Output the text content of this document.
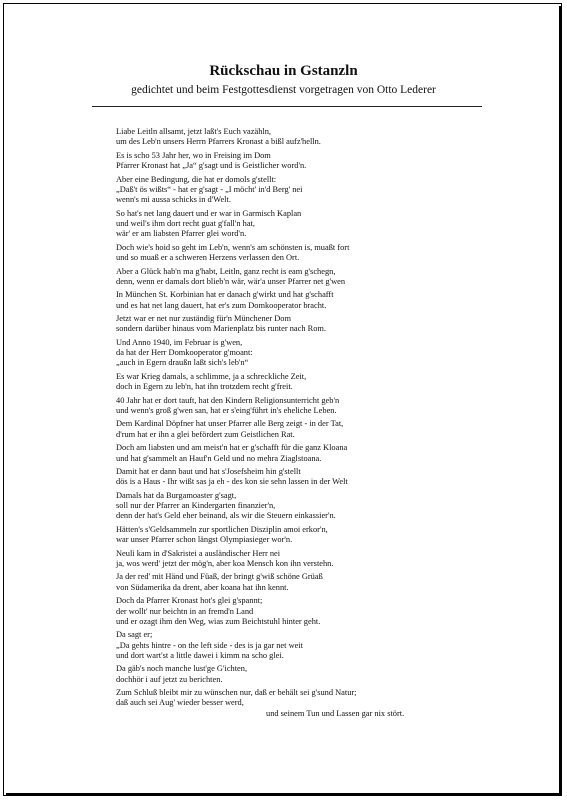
Rückschau in Gstanzln
gedichtet und beim Festgottesdienst vorgetragen von Otto Lederer
Liabe Leitln allsamt, jetzt laßt's Euch vazähln,
um des Leb'n unsers Herrn Pfarrers Kronast a bißl aufz'helln.
Es is scho 53 Jahr her, wo in Freising im Dom
Pfarrer Kronast hat „Ja“ g'sagt und is Geistlicher word'n.
Aber eine Bedingung, die hat er domols g'stellt:
„Daß't ös wißts“ - hat er g'sagt - „I möcht' in'd Berg' nei
wenn's mi aussa schicks in d'Welt.
So hat's net lang dauert und er war in Garmisch Kaplan
und weil's ihm dort recht guat g'fall'n hat,
wär' er am liabsten Pfarrer glei word'n.
Doch wie's hoid so geht im Leb'n, wenn's am schönsten is, muaßt fort
und so muaß er a schweren Herzens verlassen den Ort.
Aber a Glück hab'n ma g'habt, Leitln, ganz recht is eam g'schegn,
denn, wenn er damals dort blieb'n wär, wär'a unser Pfarrer net g'wen
In München St. Korbinian hat er danach g'wirkt und hat g'schafft
und es hat net lang dauert, hat er's zum Domkooperator bracht.
Jetzt war er net nur zuständig für'n Münchener Dom
sondern darüber hinaus vom Marienplatz bis runter nach Rom.
Und Anno 1940, im Februar is g'wen,
da hat der Herr Domkooperator g'moant:
„auch in Egern draußn laßt sich's leb'n“
Es war Krieg damals, a schlimme, ja a schreckliche Zeit,
doch in Egern zu leb'n, hat ihn trotzdem recht g'freit.
40 Jahr hat er dort tauft, hat den Kindern Religionsunterricht geb'n
und wenn's groß g'wen san, hat er s'eing'führt in's eheliche Leben.
Dem Kardinal Döpfner hat unser Pfarrer alle Berg zeigt - in der Tat,
d'rum hat er ihn a glei befördert zum Geistlichen Rat.
Doch am liabsten und am meist'n hat er g'schafft für die ganz Kloana
und hat g'sammelt an Hauf'n Geld und no mehra Ziaglstoana.
Damit hat er dann baut und hat s'Josefsheim hin g'stellt
dös is a Haus - Ihr wißt sas ja eh - des kon sie sehn lassen in der Welt
Damals hat da Burgamoaster g'sagt,
soll nur der Pfarrer an Kindergarten finanzier'n,
denn der hat's Geld eher beinand, als wir die Steuern einkassier'n.
Hätten's s'Geldsammeln zur sportlichen Disziplin amoi erkor'n,
war unser Pfarrer schon längst Olympiasieger wor'n.
Neuli kam in d'Sakristei a ausländischer Herr nei
ja, wos werd' jetzt der mög'n, aber koa Mensch kon ihn verstehn.
Ja der red' mit Händ und Füaß, der bringt g'wiß schöne Grüaß
von Südamerika da drent, aber koana hat ihn kennt.
Doch da Pfarrer Kronast hot's glei g'spannt;
der wollt' nur beichtn in an fremd'n Land
und er ozagt ihm den Weg, wias zum Beichtstuhl hinter geht.
Da sagt er;
„Da gehts hintre - on the left side - des is ja gar net weit
und dort wart'st a little dawei i kimm na scho glei.
Da gäb's noch manche lust'ge G'ichten,
dochhör i auf jetzt zu berichten.
Zum Schluß bleibt mir zu wünschen nur, daß er behält sei g'sund Natur;
daß auch sei Aug' wieder besser werd,
und seinem Tun und Lassen gar nix stört.
